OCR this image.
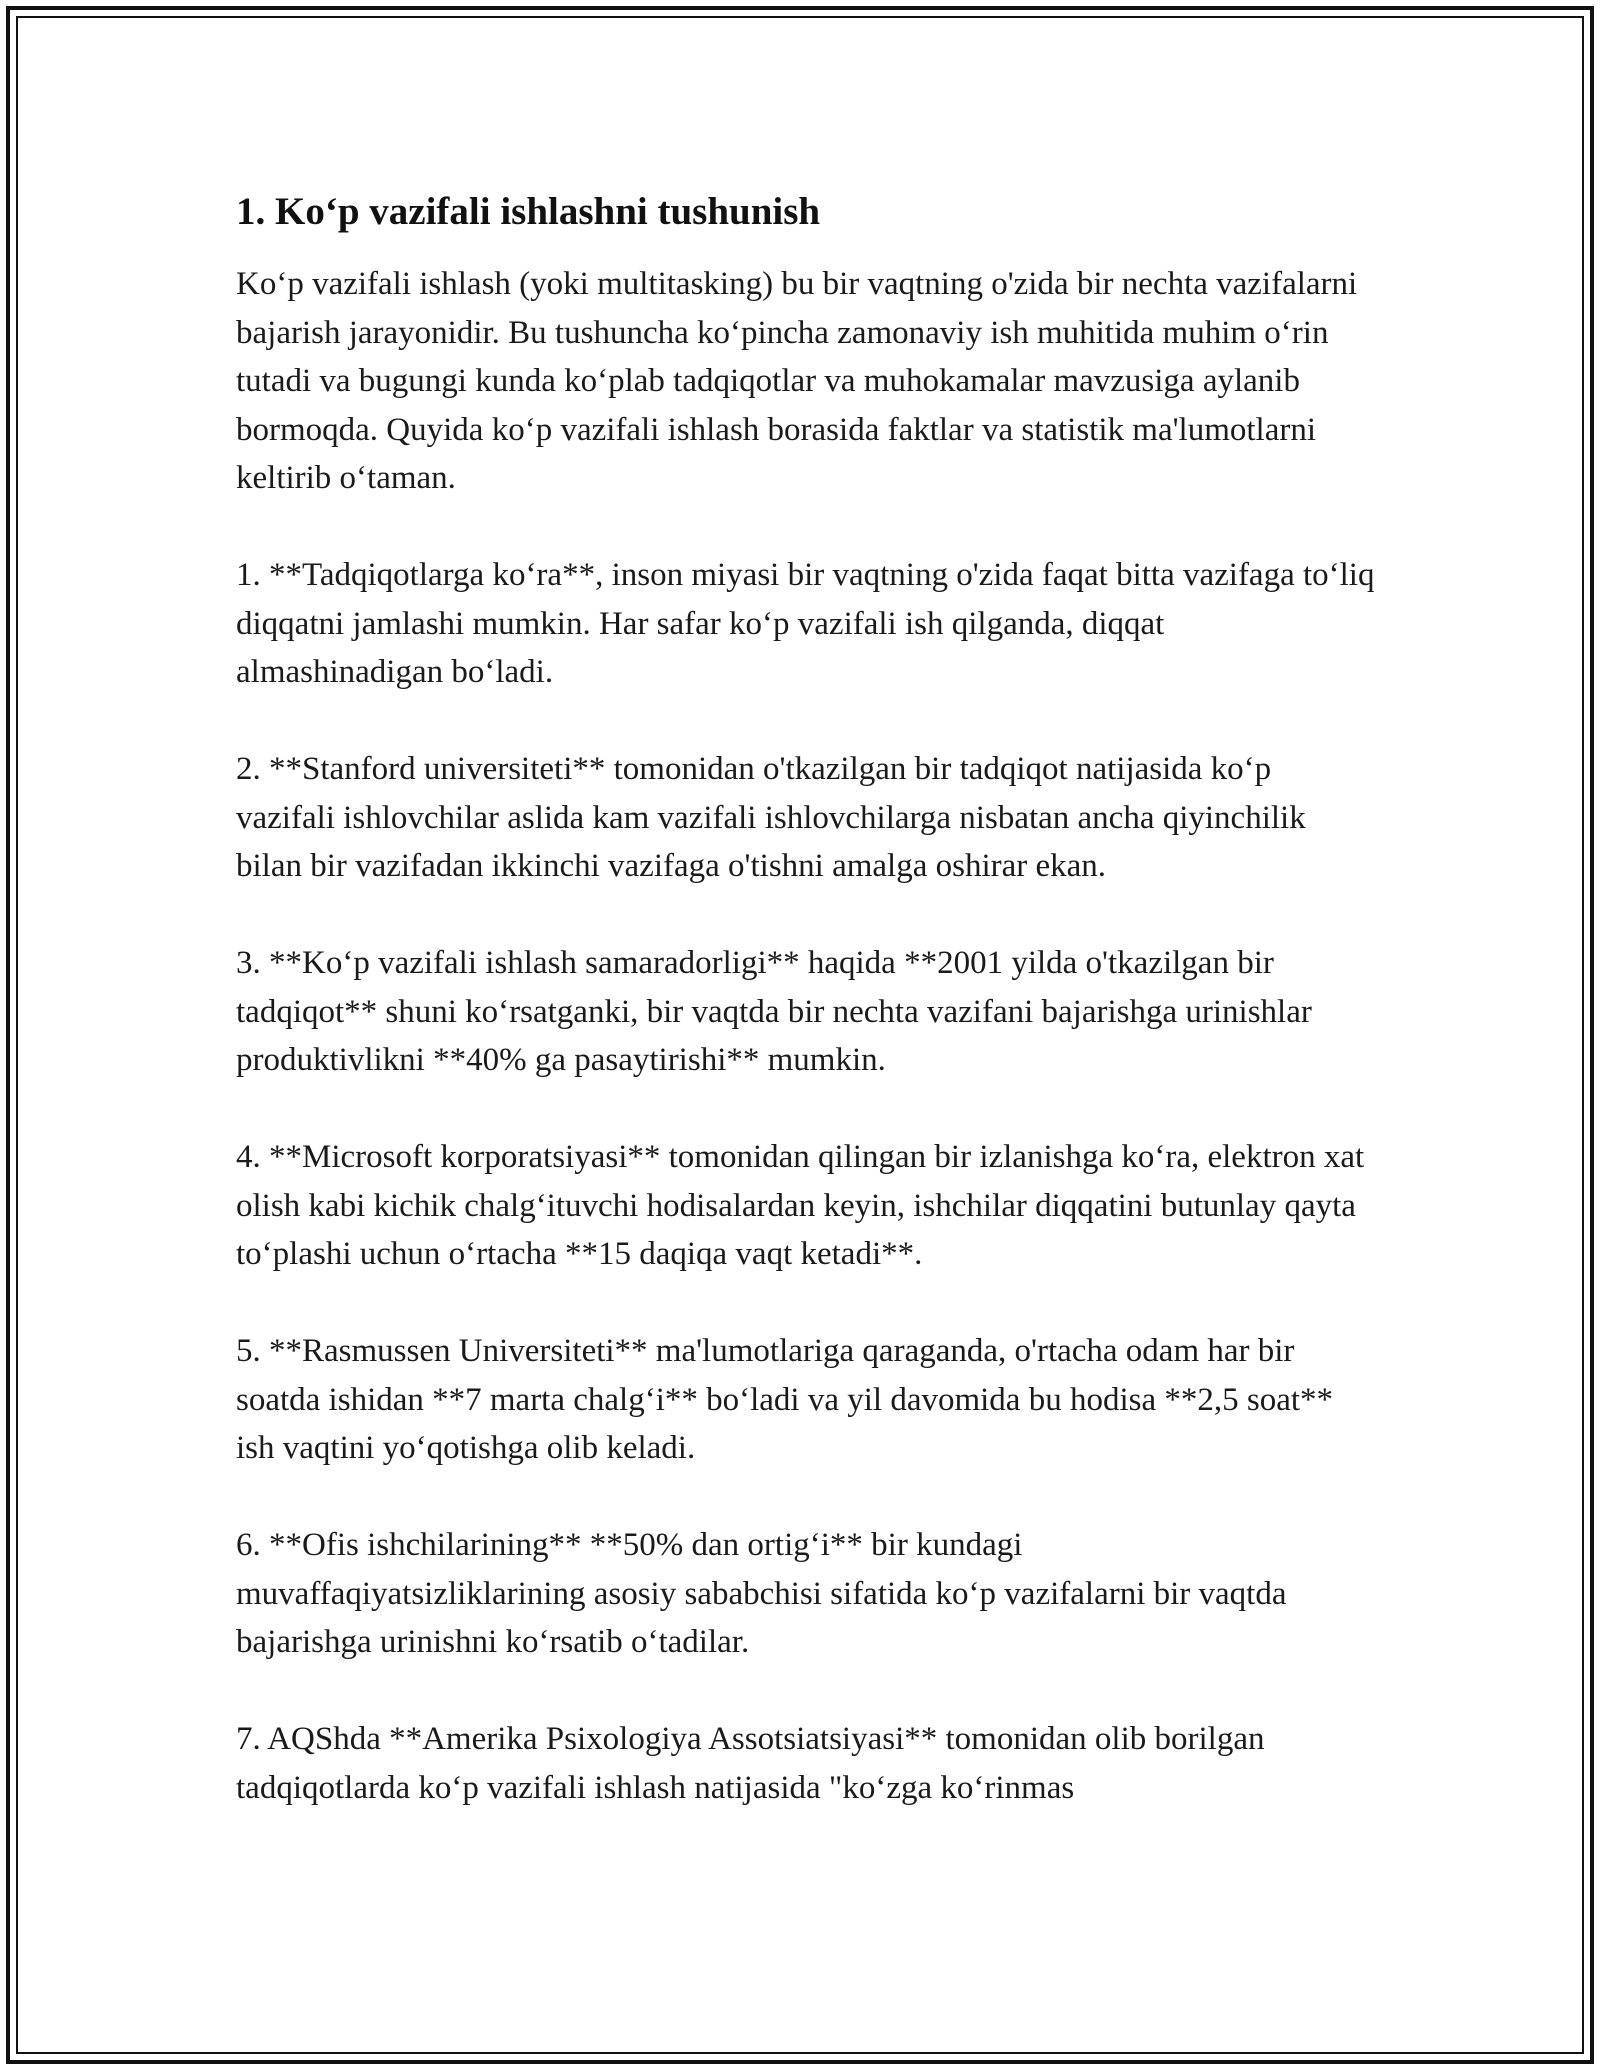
1. Koʻp vazifali ishlashni tushunish

Koʻp vazifali ishlash (yoki multitasking) bu bir vaqtning o'zida bir nechta vazifalarni bajarish jarayonidir. Bu tushuncha koʻpincha zamonaviy ish muhitida muhim oʻrin tutadi va bugungi kunda koʻplab tadqiqotlar va muhokamalar mavzusiga aylanib bormoqda. Quyida koʻp vazifali ishlash borasida faktlar va statistik ma'lumotlarni keltirib oʻtaman.

1. **Tadqiqotlarga koʻra**, inson miyasi bir vaqtning o'zida faqat bitta vazifaga toʻliq diqqatni jamlashi mumkin. Har safar koʻp vazifali ish qilganda, diqqat almashinadigan boʻladi.

2. **Stanford universiteti** tomonidan o'tkazilgan bir tadqiqot natijasida koʻp vazifali ishlovchilar aslida kam vazifali ishlovchilarga nisbatan ancha qiyinchilik bilan bir vazifadan ikkinchi vazifaga o'tishni amalga oshirar ekan.

3. **Koʻp vazifali ishlash samaradorligi** haqida **2001 yilda o'tkazilgan bir tadqiqot** shuni koʻrsatganki, bir vaqtda bir nechta vazifani bajarishga urinishlar produktivlikni **40% ga pasaytirishi** mumkin.

4. **Microsoft korporatsiyasi** tomonidan qilingan bir izlanishga koʻra, elektron xat olish kabi kichik chalgʻituvchi hodisalardan keyin, ishchilar diqqatini butunlay qayta toʻplashi uchun oʻrtacha **15 daqiqa vaqt ketadi**.

5. **Rasmussen Universiteti** ma'lumotlariga qaraganda, o'rtacha odam har bir soatda ishidan **7 marta chalgʻi** boʻladi va yil davomida bu hodisa **2,5 soat** ish vaqtini yoʻqotishga olib keladi.

6. **Ofis ishchilarining** **50% dan ortigʻi** bir kundagi muvaffaqiyatsizliklarining asosiy sababchisi sifatida koʻp vazifalarni bir vaqtda bajarishga urinishni koʻrsatib oʻtadilar.

7. AQShda **Amerika Psixologiya Assotsiatsiyasi** tomonidan olib borilgan tadqiqotlarda koʻp vazifali ishlash natijasida "koʻzga koʻrinmas
